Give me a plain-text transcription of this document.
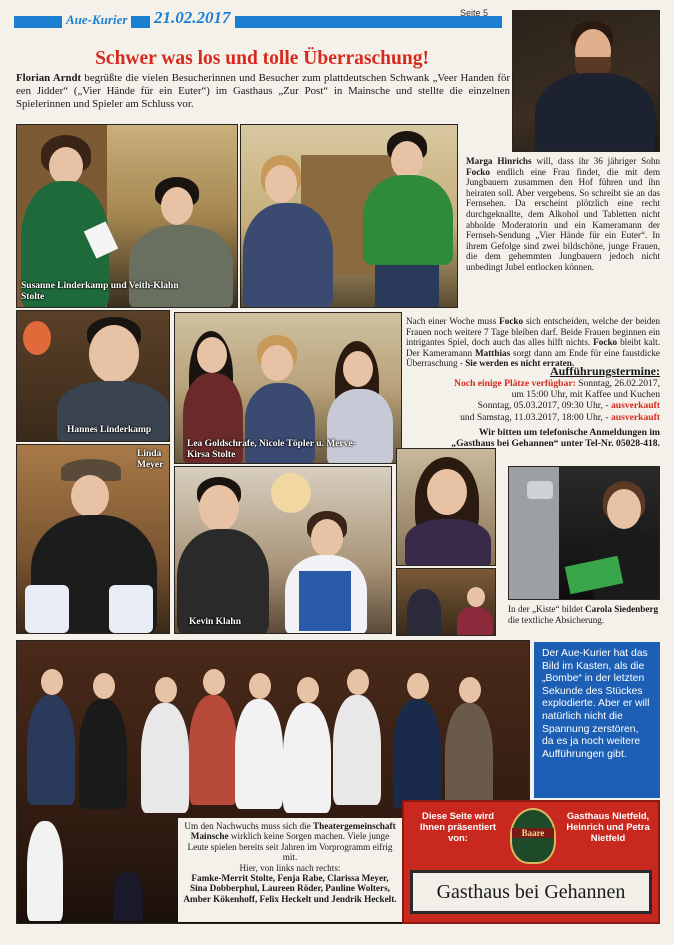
Aue-Kurier 21.02.2017	Seite 5
Schwer was los und tolle Überraschung!
Florian Arndt begrüßte die vielen Besucherinnen und Besucher zum plattdeutschen Schwank „Veer Handen för een Jidder“ („Vier Hände für ein Euter“) im Gasthaus „Zur Post“ in Mainsche und stellte die einzelnen Spielerinnen und Spieler am Schluss vor.
Susanne Linderkamp und Veith-Klahn Stolte

Marga Hinrichs will, dass ihr 36 jähriger Sohn Focko endlich eine Frau findet, die mit dem Jungbauern zusammen den Hof führen und ihn heiraten soll. Aber vergebens. So schreibt sie an das Fernsehen. Da erscheint plötzlich eine recht durchgeknallte, dem Alkohol und Tabletten nicht abholde Moderatorin und ein Kameramann der Fernseh-Sendung „Vier Hände für ein Euter“. In ihrem Gefolge sind zwei bildschöne, junge Frauen, die dem gehemmten Jungbauern jedoch nicht unbedingt Jubel entlocken können.

Nach einer Woche muss Focko sich entscheiden, welche der beiden Frauen noch weitere 7 Tage bleiben darf. Beide Frauen beginnen ein intrigantes Spiel, doch auch das alles hilft nichts. Focko bleibt kalt. Der Kameramann Matthias sorgt dann am Ende für eine faustdicke Überraschung - Sie werden es nicht erraten.
Aufführungstermine:
Noch einige Plätze verfügbar: Sonntag, 26.02.2017,
um 15:00 Uhr, mit Kaffee und Kuchen
Sonntag, 05.03.2017, 09:30 Uhr, - ausverkauft
und Samstag, 11.03.2017, 18:00 Uhr, - ausverkauft
Wir bitten um telefonische Anmeldungen im
„Gasthaus bei Gehannen“ unter Tel-Nr. 05028-418.
Hannes Linderkamp
Lea Goldschrafe, Nicole Töpler u. Merve-Kirsa Stolte
Linda Meyer
Kevin Klahn
In der „Kiste“ bildet Carola Siedenberg die textliche Absicherung.
Um den Nachwuchs muss sich die Theatergemeinschaft Mainsche wirklich keine Sorgen machen. Viele junge Leute spielen bereits seit Jahren im Vorprogramm eifrig mit.
Hier, von links nach rechts:
Famke-Merrit Stolte, Fenja Rabe, Clarissa Meyer, Sina Dobberphul, Laureen Röder, Pauline Wolters, Amber Kökenhoff, Felix Heckelt und Jendrik Heckelt.
Der Aue-Kurier hat das Bild im Kasten, als die „Bombe“ in der letzten Sekunde des Stückes explodierte. Aber er will natürlich nicht die Spannung zerstören, da es ja noch weitere Aufführungen gibt.
Diese Seite wird Ihnen präsentiert von:	Baare
Gasthaus Nietfeld, Heinrich und Petra Nietfeld
Gasthaus bei Gehannen
